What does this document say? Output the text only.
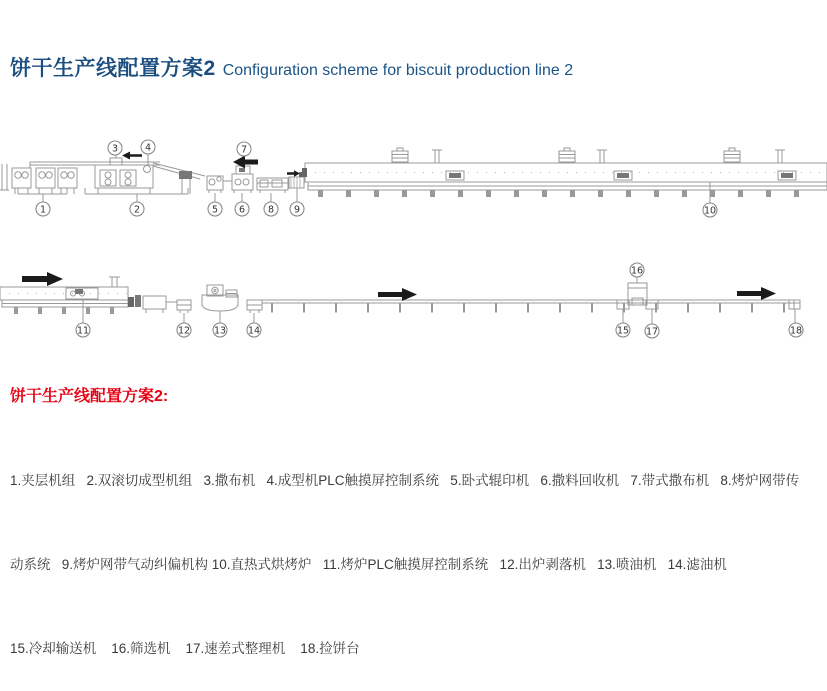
饼干生产线配置方案2 Configuration scheme for biscuit production line 2
1	2
3	4
5 6
7
8 9	10
11	12	13 14	15
16
17	18
饼干生产线配置方案2:

1.夹层机组   2.双滚切成型机组   3.撒布机   4.成型机PLC触摸屏控制系统   5.卧式辊印机   6.撒料回收机   7.带式撒布机   8.烤炉网带传

动系统   9.烤炉网带气动纠偏机构 10.直热式烘烤炉   11.烤炉PLC触摸屏控制系统   12.出炉剥落机   13.喷油机   14.滤油机

15.冷却输送机    16.筛选机    17.速差式整理机    18.捡饼台
